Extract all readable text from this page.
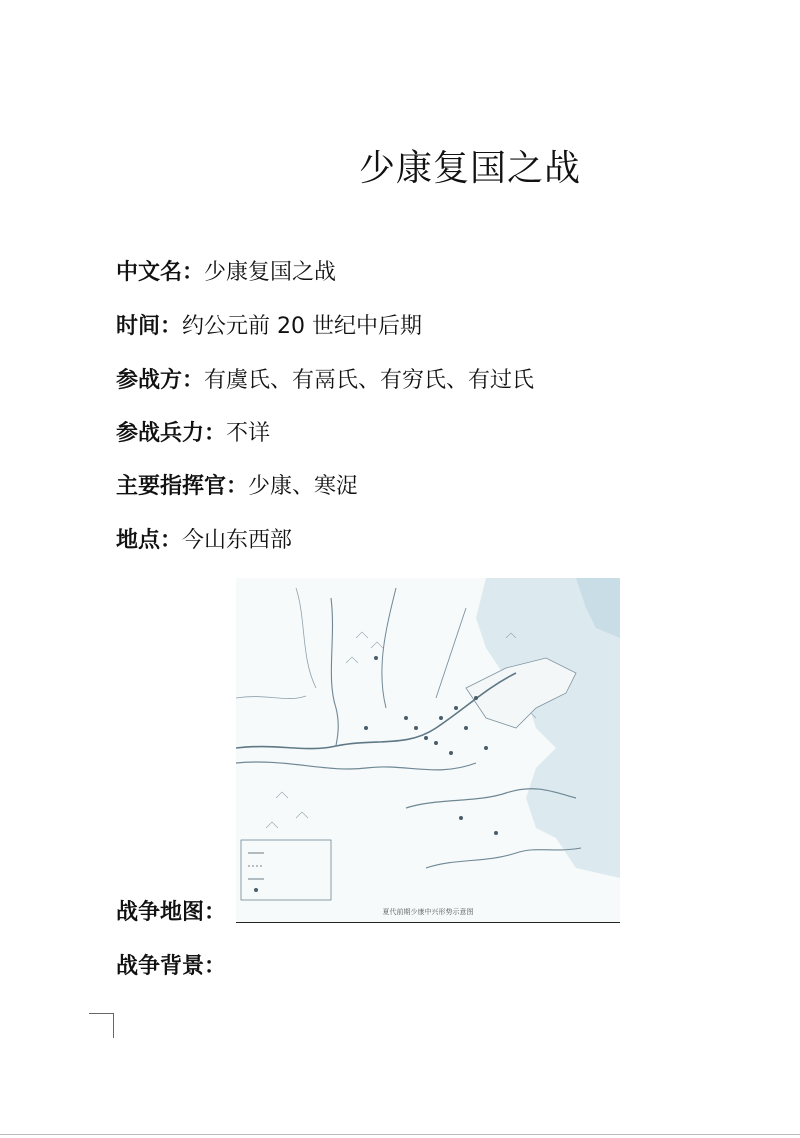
少康复国之战
中文名：少康复国之战
时间：约公元前 20 世纪中后期
参战方：有虞氏、有鬲氏、有穷氏、有过氏
参战兵力：不详
主要指挥官：少康、寒浞
地点：今山东西部
夏代前期少康中兴形势示意图
战争地图：
战争背景：
